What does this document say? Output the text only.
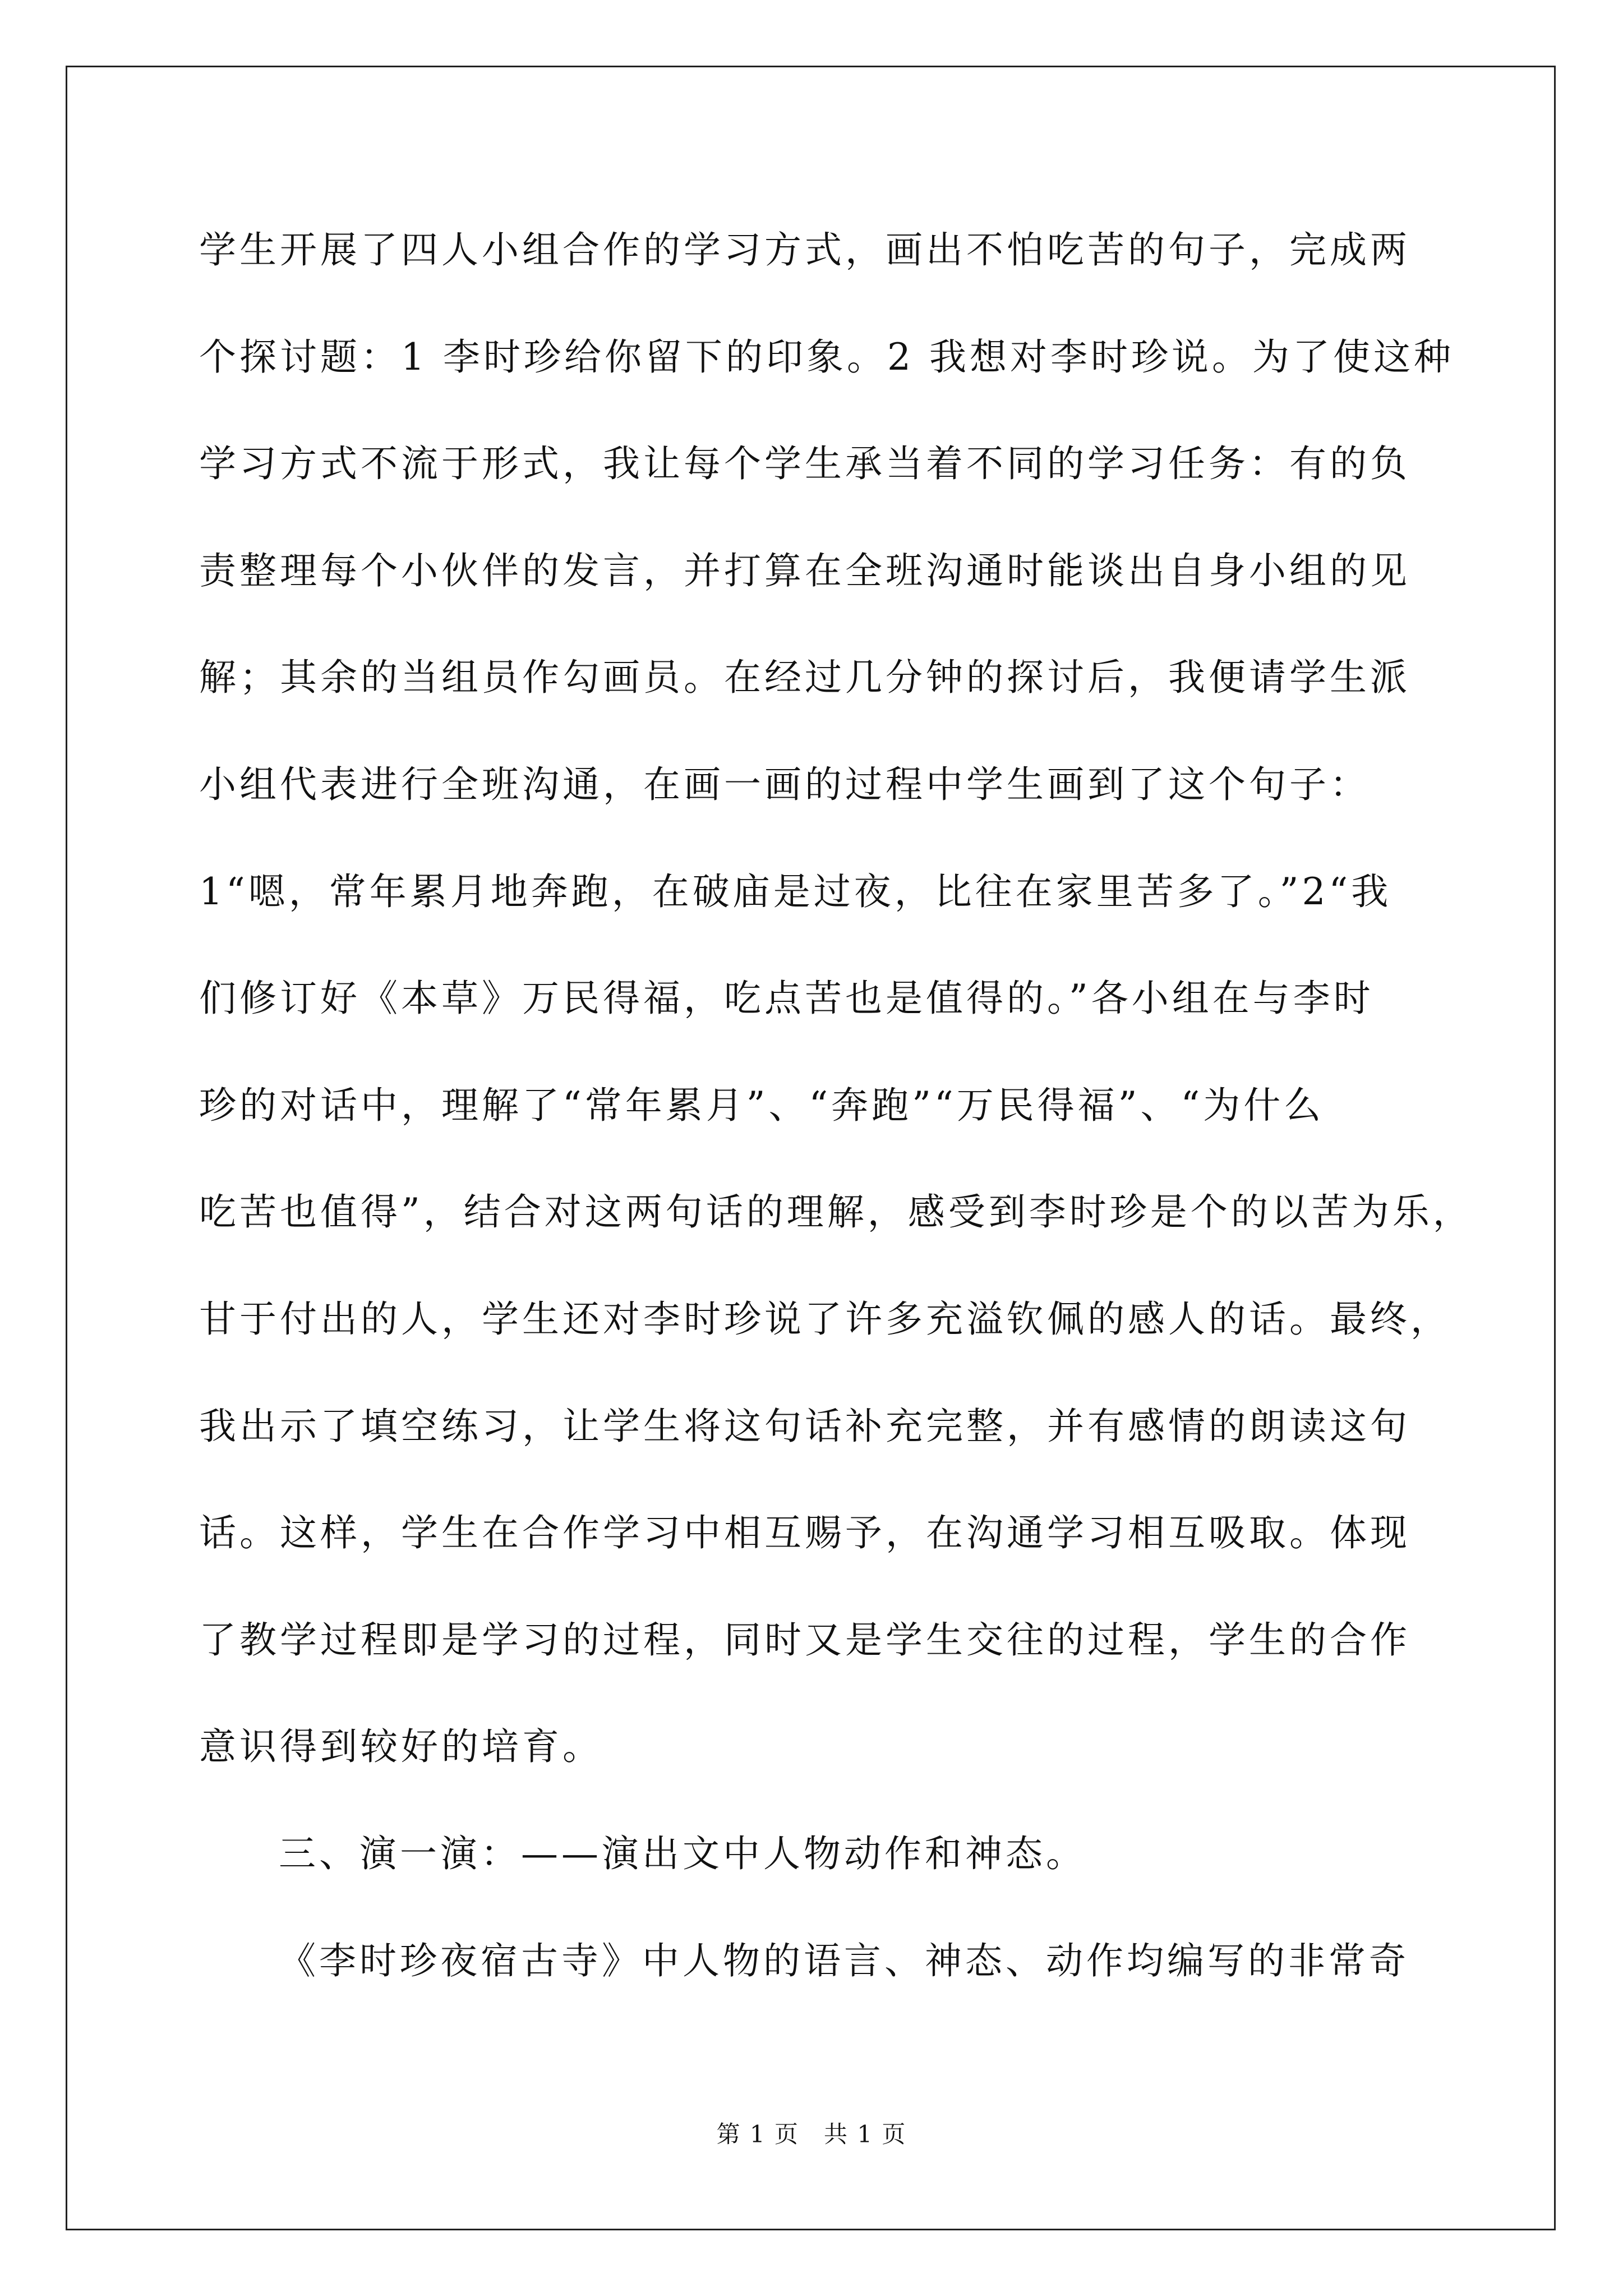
学生开展了四人小组合作的学习方式，画出不怕吃苦的句子，完成两
个探讨题：1 李时珍给你留下的印象。2 我想对李时珍说。为了使这种
学习方式不流于形式，我让每个学生承当着不同的学习任务：有的负
责整理每个小伙伴的发言，并打算在全班沟通时能谈出自身小组的见
解；其余的当组员作勾画员。在经过几分钟的探讨后，我便请学生派
小组代表进行全班沟通，在画一画的过程中学生画到了这个句子：
1“嗯，常年累月地奔跑，在破庙是过夜，比往在家里苦多了。”2“我
们修订好《本草》万民得福，吃点苦也是值得的。”各小组在与李时
珍的对话中，理解了“常年累月”、“奔跑”“万民得福”、“为什么
吃苦也值得”，结合对这两句话的理解，感受到李时珍是个的以苦为乐，
甘于付出的人，学生还对李时珍说了许多充溢钦佩的感人的话。最终，
我出示了填空练习，让学生将这句话补充完整，并有感情的朗读这句
话。这样，学生在合作学习中相互赐予，在沟通学习相互吸取。体现
了教学过程即是学习的过程，同时又是学生交往的过程，学生的合作
意识得到较好的培育。
三、演一演：——演出文中人物动作和神态。
《李时珍夜宿古寺》中人物的语言、神态、动作均编写的非常奇
第 1 页　共 1 页
